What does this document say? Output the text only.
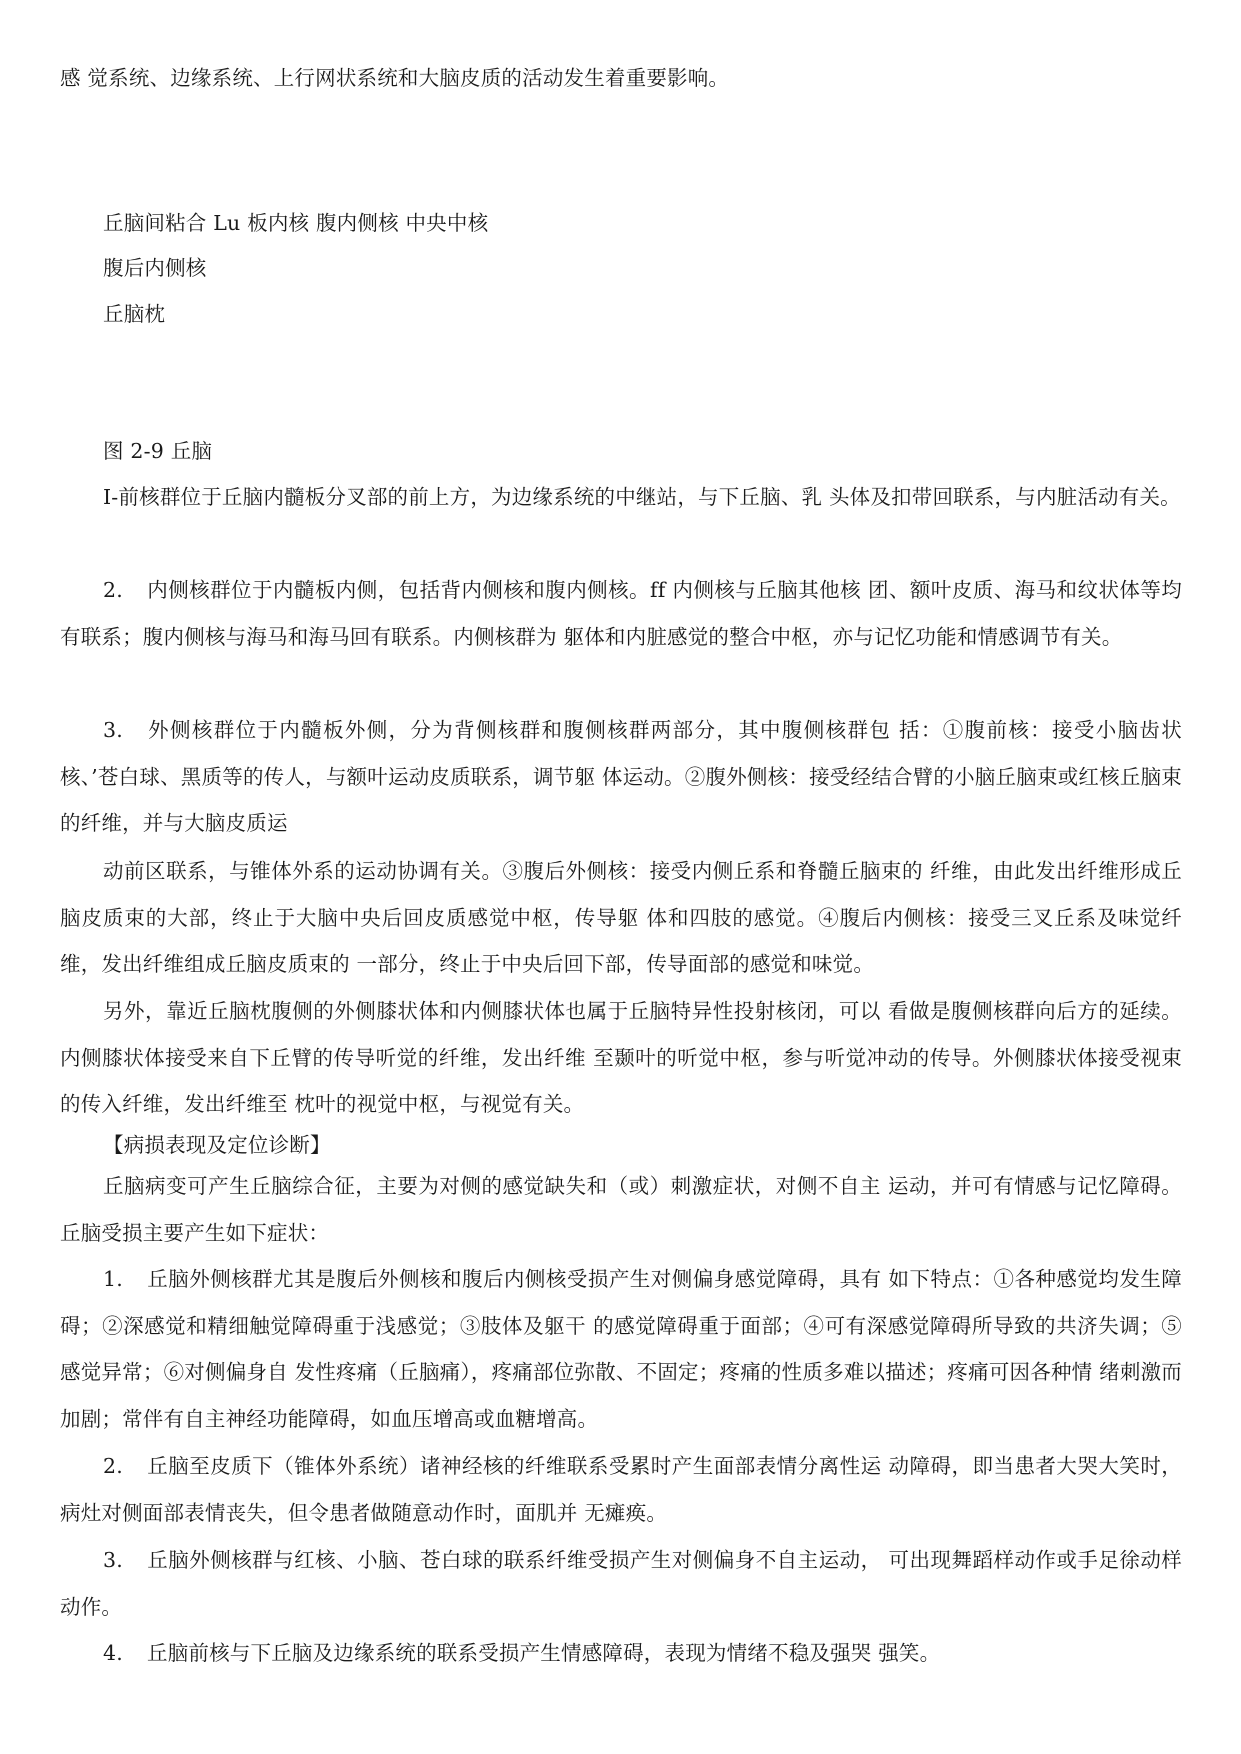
感 觉系统、边缘系统、上行网状系统和大脑皮质的活动发生着重要影响。
丘脑间粘合 Lu 板内核 腹内侧核 中央中核
腹后内侧核
丘脑枕
图 2-9 丘脑
I-前核群位于丘脑内髓板分叉部的前上方，为边缘系统的中继站，与下丘脑、乳 头体及扣带回联系，与内脏活动有关。
2. 内侧核群位于内髓板内侧，包括背内侧核和腹内侧核。ff 内侧核与丘脑其他核 团、额叶皮质、海马和纹状体等均有联系；腹内侧核与海马和海马回有联系。内侧核群为 躯体和内脏感觉的整合中枢，亦与记忆功能和情感调节有关。
3. 外侧核群位于内髓板外侧，分为背侧核群和腹侧核群两部分，其中腹侧核群包 括：①腹前核：接受小脑齿状核、’苍白球、黑质等的传人，与额叶运动皮质联系，调节躯 体运动。②腹外侧核：接受经结合臂的小脑丘脑束或红核丘脑束的纤维，并与大脑皮质运
动前区联系，与锥体外系的运动协调有关。③腹后外侧核：接受内侧丘系和脊髓丘脑束的 纤维，由此发出纤维形成丘脑皮质束的大部，终止于大脑中央后回皮质感觉中枢，传导躯 体和四肢的感觉。④腹后内侧核：接受三叉丘系及味觉纤维，发出纤维组成丘脑皮质束的 一部分，终止于中央后回下部，传导面部的感觉和味觉。
另外，靠近丘脑枕腹侧的外侧膝状体和内侧膝状体也属于丘脑特异性投射核闭，可以 看做是腹侧核群向后方的延续。内侧膝状体接受来自下丘臂的传导听觉的纤维，发出纤维 至颞叶的听觉中枢，参与听觉冲动的传导。外侧膝状体接受视束的传入纤维，发出纤维至 枕叶的视觉中枢，与视觉有关。
【病损表现及定位诊断】
丘脑病变可产生丘脑综合征，主要为对侧的感觉缺失和（或）刺激症状，对侧不自主 运动，并可有情感与记忆障碍。丘脑受损主要产生如下症状：
1. 丘脑外侧核群尤其是腹后外侧核和腹后内侧核受损产生对侧偏身感觉障碍，具有 如下特点：①各种感觉均发生障碍；②深感觉和精细触觉障碍重于浅感觉；③肢体及躯干 的感觉障碍重于面部；④可有深感觉障碍所导致的共济失调；⑤感觉异常；⑥对侧偏身自 发性疼痛（丘脑痛），疼痛部位弥散、不固定；疼痛的性质多难以描述；疼痛可因各种情 绪刺激而加剧；常伴有自主神经功能障碍，如血压增高或血糖增高。
2. 丘脑至皮质下（锥体外系统）诸神经核的纤维联系受累时产生面部表情分离性运 动障碍，即当患者大哭大笑时，病灶对侧面部表情丧失，但令患者做随意动作时，面肌并 无瘫痪。
3. 丘脑外侧核群与红核、小脑、苍白球的联系纤维受损产生对侧偏身不自主运动， 可出现舞蹈样动作或手足徐动样动作。
4. 丘脑前核与下丘脑及边缘系统的联系受损产生情感障碍，表现为情绪不稳及强哭 强笑。
